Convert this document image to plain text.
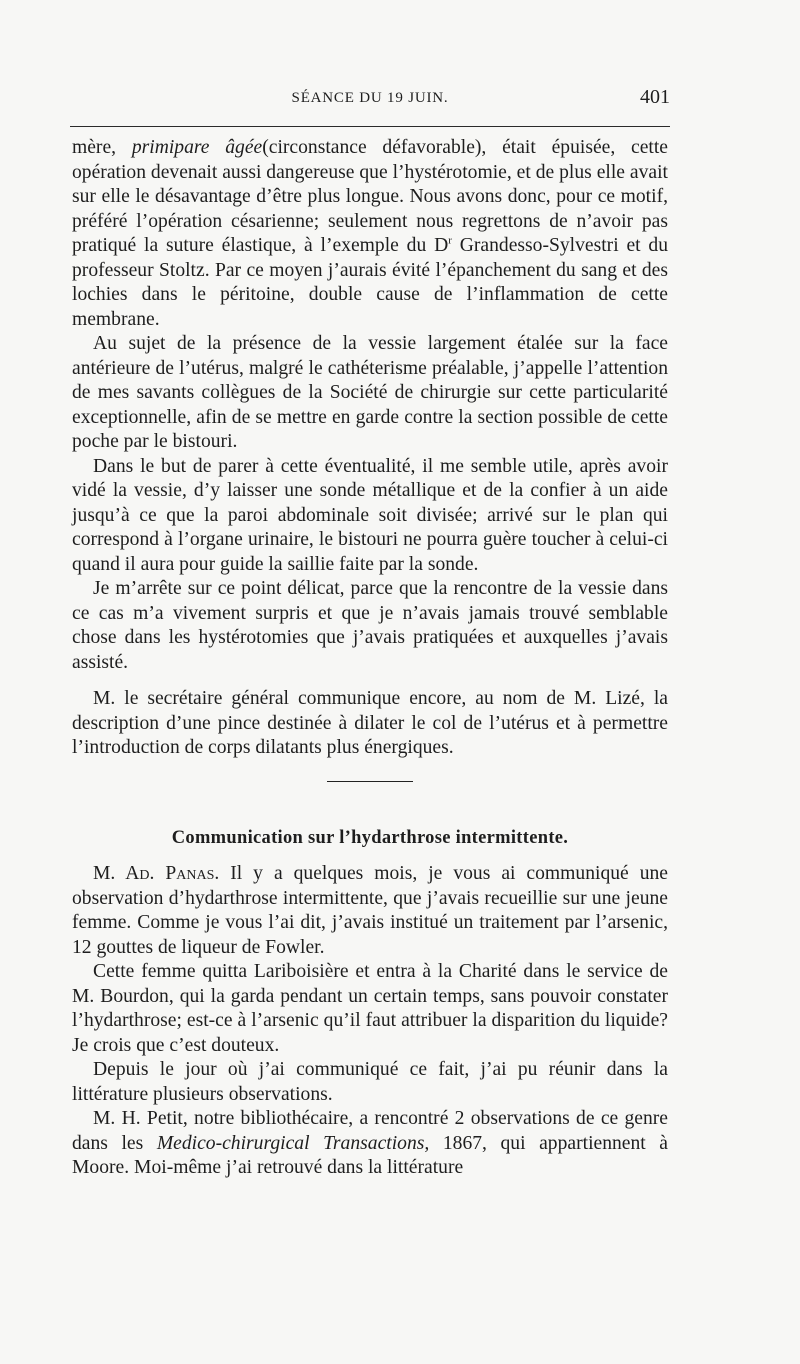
SÉANCE DU 19 JUIN.	401

mère, primipare âgée(circonstance défavorable), était épuisée, cette opération devenait aussi dangereuse que l’hystérotomie, et de plus elle avait sur elle le désavantage d’être plus longue. Nous avons donc, pour ce motif, préféré l’opération césarienne; seulement nous regrettons de n’avoir pas pratiqué la suture élastique, à l’exemple du $D^r$ Grandesso-Sylvestri et du professeur Stoltz. Par ce moyen j’aurais évité l’épanchement du sang et des lochies dans le péritoine, double cause de l’inflammation de cette membrane.

Au sujet de la présence de la vessie largement étalée sur la face antérieure de l’utérus, malgré le cathéterisme préalable, j’appelle l’attention de mes savants collègues de la Société de chirurgie sur cette particularité exceptionnelle, afin de se mettre en garde contre la section possible de cette poche par le bistouri.

Dans le but de parer à cette éventualité, il me semble utile, après avoir vidé la vessie, d’y laisser une sonde métallique et de la confier à un aide jusqu’à ce que la paroi abdominale soit divisée; arrivé sur le plan qui correspond à l’organe urinaire, le bistouri ne pourra guère toucher à celui-ci quand il aura pour guide la saillie faite par la sonde.

Je m’arrête sur ce point délicat, parce que la rencontre de la vessie dans ce cas m’a vivement surpris et que je n’avais jamais trouvé semblable chose dans les hystérotomies que j’avais pratiquées et auxquelles j’avais assisté.

M. le secrétaire général communique encore, au nom de M. Lizé, la description d’une pince destinée à dilater le col de l’utérus et à permettre l’introduction de corps dilatants plus énergiques.

Communication sur l’hydarthrose intermittente.

M. Ad. Panas. Il y a quelques mois, je vous ai communiqué une observation d’hydarthrose intermittente, que j’avais recueillie sur une jeune femme. Comme je vous l’ai dit, j’avais institué un traitement par l’arsenic, 12 gouttes de liqueur de Fowler.

Cette femme quitta Lariboisière et entra à la Charité dans le service de M. Bourdon, qui la garda pendant un certain temps, sans pouvoir constater l’hydarthrose; est-ce à l’arsenic qu’il faut attribuer la disparition du liquide? Je crois que c’est douteux.

Depuis le jour où j’ai communiqué ce fait, j’ai pu réunir dans la littérature plusieurs observations.

M. H. Petit, notre bibliothécaire, a rencontré 2 observations de ce genre dans les Medico-chirurgical Transactions, 1867, qui appartiennent à Moore. Moi-même j’ai retrouvé dans la littérature
